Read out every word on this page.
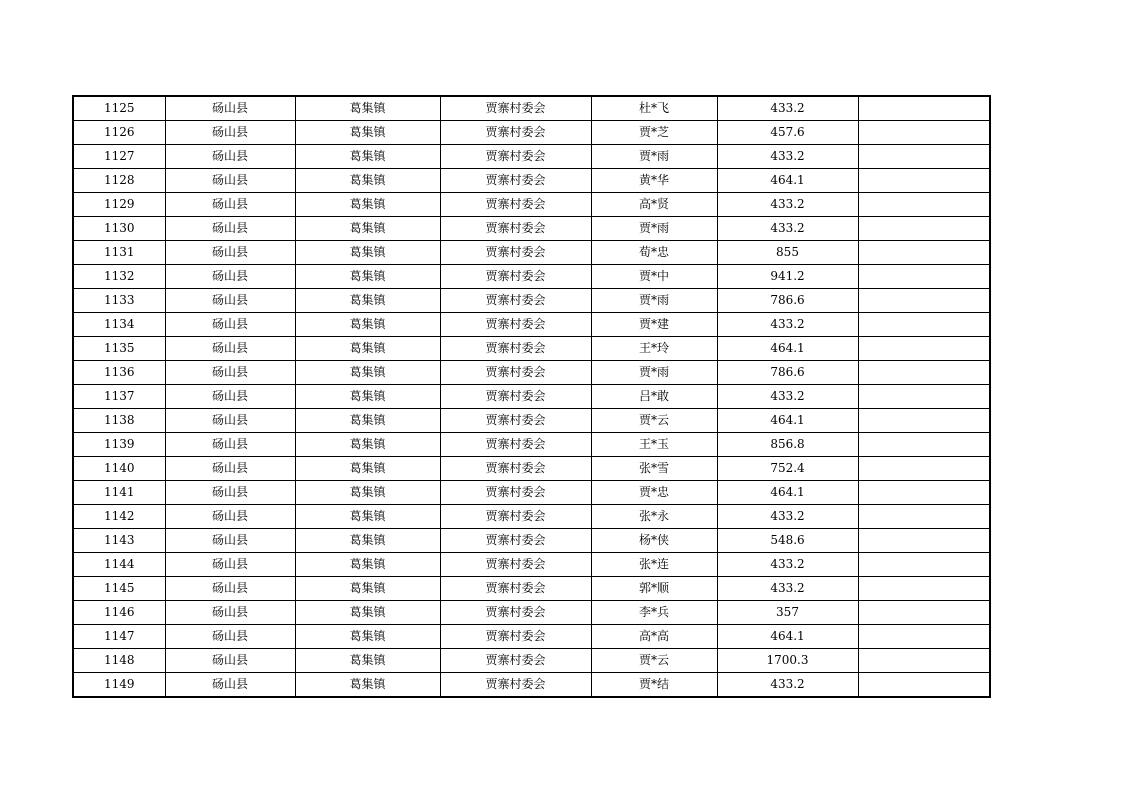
1125	砀山县	葛集镇	贾寨村委会	杜*飞	433.2	
1126	砀山县	葛集镇	贾寨村委会	贾*芝	457.6	
1127	砀山县	葛集镇	贾寨村委会	贾*雨	433.2	
1128	砀山县	葛集镇	贾寨村委会	黄*华	464.1	
1129	砀山县	葛集镇	贾寨村委会	高*贤	433.2	
1130	砀山县	葛集镇	贾寨村委会	贾*雨	433.2	
1131	砀山县	葛集镇	贾寨村委会	荀*忠	855	
1132	砀山县	葛集镇	贾寨村委会	贾*中	941.2	
1133	砀山县	葛集镇	贾寨村委会	贾*雨	786.6	
1134	砀山县	葛集镇	贾寨村委会	贾*建	433.2	
1135	砀山县	葛集镇	贾寨村委会	王*玲	464.1	
1136	砀山县	葛集镇	贾寨村委会	贾*雨	786.6	
1137	砀山县	葛集镇	贾寨村委会	吕*敢	433.2	
1138	砀山县	葛集镇	贾寨村委会	贾*云	464.1	
1139	砀山县	葛集镇	贾寨村委会	王*玉	856.8	
1140	砀山县	葛集镇	贾寨村委会	张*雪	752.4	
1141	砀山县	葛集镇	贾寨村委会	贾*忠	464.1	
1142	砀山县	葛集镇	贾寨村委会	张*永	433.2	
1143	砀山县	葛集镇	贾寨村委会	杨*侠	548.6	
1144	砀山县	葛集镇	贾寨村委会	张*连	433.2	
1145	砀山县	葛集镇	贾寨村委会	郭*顺	433.2	
1146	砀山县	葛集镇	贾寨村委会	李*兵	357	
1147	砀山县	葛集镇	贾寨村委会	高*高	464.1	
1148	砀山县	葛集镇	贾寨村委会	贾*云	1700.3	
1149	砀山县	葛集镇	贾寨村委会	贾*结	433.2	
